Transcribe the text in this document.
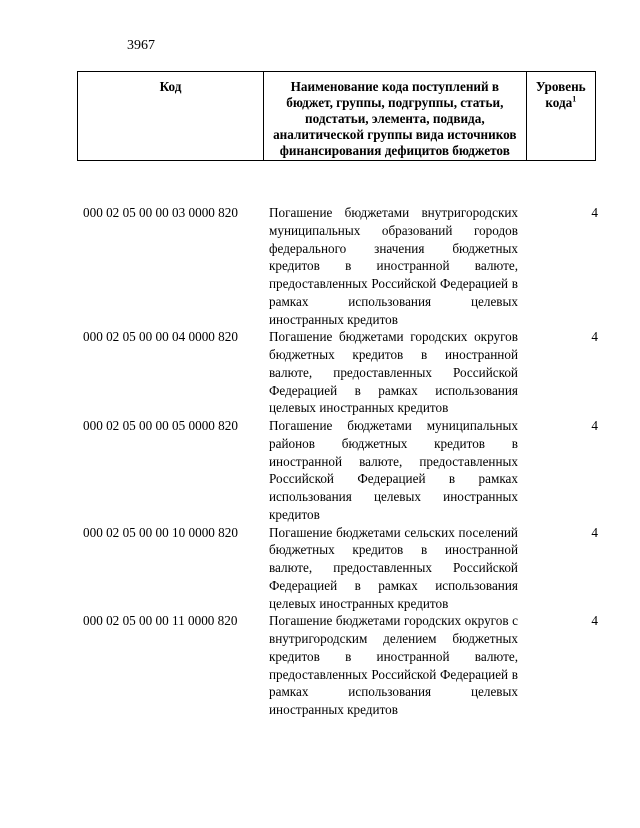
3967
Код	Наименование кода поступлений в бюджет, группы, подгруппы, статьи, подстатьи, элемента, подвида, аналитической группы вида источников финансирования дефицитов бюджетов	Уровень кода$^1$
000 02 05 00 00 03 0000 820	Погашение бюджетами внутригородских муниципальных образований городов федерального значения бюджетных кредитов в иностранной валюте, предоставленных Российской Федерацией в рамках использования целевых иностранных кредитов	4
000 02 05 00 00 04 0000 820	Погашение бюджетами городских округов бюджетных кредитов в иностранной валюте, предоставленных Российской Федерацией в рамках использования целевых иностранных кредитов	4
000 02 05 00 00 05 0000 820	Погашение бюджетами муниципальных районов бюджетных кредитов в иностранной валюте, предоставленных Российской Федерацией в рамках использования целевых иностранных кредитов	4
000 02 05 00 00 10 0000 820	Погашение бюджетами сельских поселений бюджетных кредитов в иностранной валюте, предоставленных Российской Федерацией в рамках использования целевых иностранных кредитов	4
000 02 05 00 00 11 0000 820	Погашение бюджетами городских округов с внутригородским делением бюджетных кредитов в иностранной валюте, предоставленных Российской Федерацией в рамках использования целевых иностранных кредитов	4
